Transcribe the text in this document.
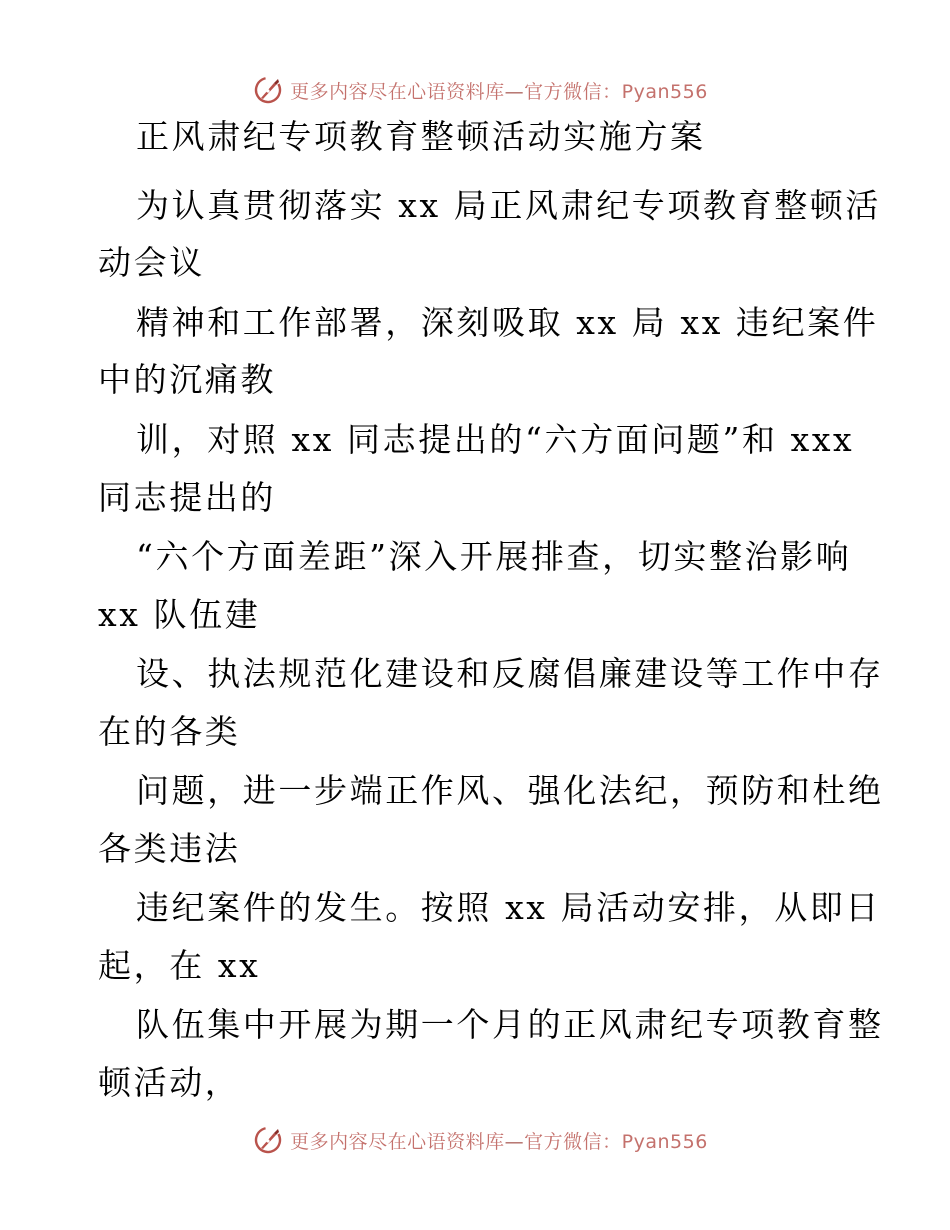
更多内容尽在心语资料库—官方微信：Pyan556
正风肃纪专项教育整顿活动实施方案
为认真贯彻落实 xx 局正风肃纪专项教育整顿活
动会议
精神和工作部署，深刻吸取 xx 局 xx 违纪案件
中的沉痛教
训，对照 xx 同志提出的“六方面问题”和 xxx
同志提出的
“六个方面差距”深入开展排查，切实整治影响
xx 队伍建
设、执法规范化建设和反腐倡廉建设等工作中存
在的各类
问题，进一步端正作风、强化法纪，预防和杜绝
各类违法
违纪案件的发生。按照 xx 局活动安排，从即日
起，在 xx
队伍集中开展为期一个月的正风肃纪专项教育整
顿活动，
更多内容尽在心语资料库—官方微信：Pyan556
